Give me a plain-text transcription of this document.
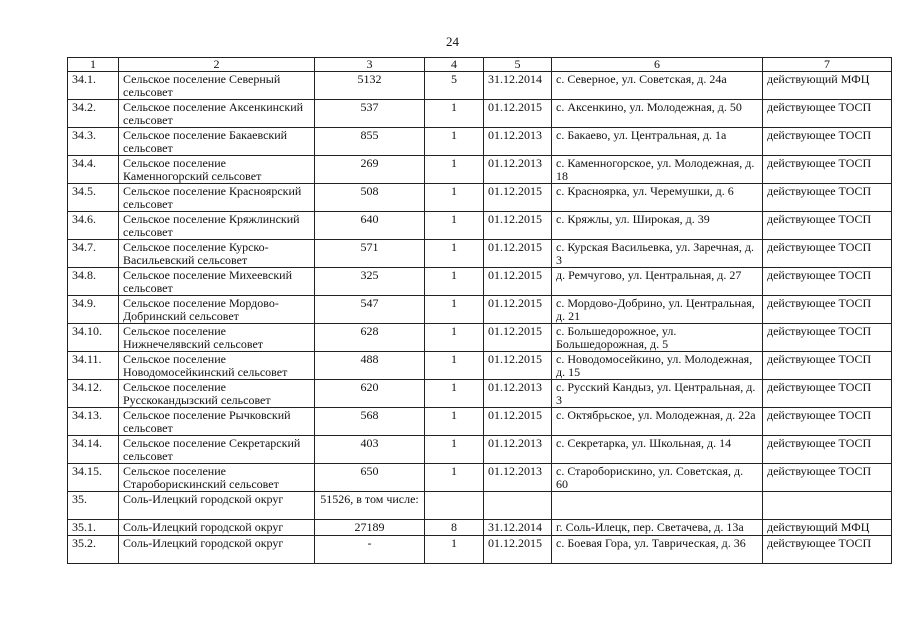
24
1	2	3	4	5	6	7
34.1.	Сельское поселение Северный сельсовет	5132	5	31.12.2014	с. Северное, ул. Советская, д. 24а	действующий МФЦ
34.2.	Сельское поселение Аксенкинский сельсовет	537	1	01.12.2015	с. Аксенкино, ул. Молодежная, д. 50	действующее ТОСП
34.3.	Сельское поселение Бакаевский сельсовет	855	1	01.12.2013	с. Бакаево, ул. Центральная, д. 1а	действующее ТОСП
34.4.	Сельское поселение Каменногорский сельсовет	269	1	01.12.2013	с. Каменногорское, ул. Молодежная, д. 18	действующее ТОСП
34.5.	Сельское поселение Красноярский сельсовет	508	1	01.12.2015	с. Красноярка, ул. Черемушки, д. 6	действующее ТОСП
34.6.	Сельское поселение Кряжлинский сельсовет	640	1	01.12.2015	с. Кряжлы, ул. Широкая, д. 39	действующее ТОСП
34.7.	Сельское поселение Курско-Васильевский сельсовет	571	1	01.12.2015	с. Курская Васильевка, ул. Заречная, д. 3	действующее ТОСП
34.8.	Сельское поселение Михеевский сельсовет	325	1	01.12.2015	д. Ремчугово, ул. Центральная, д. 27	действующее ТОСП
34.9.	Сельское поселение Мордово-Добринский сельсовет	547	1	01.12.2015	с. Мордово-Добрино, ул. Центральная, д. 21	действующее ТОСП
34.10.	Сельское поселение Нижнечелявский сельсовет	628	1	01.12.2015	с. Большедорожное, ул. Большедорожная, д. 5	действующее ТОСП
34.11.	Сельское поселение Новодомосейкинский сельсовет	488	1	01.12.2015	с. Новодомосейкино, ул. Молодежная, д. 15	действующее ТОСП
34.12.	Сельское поселение Русскокандызский сельсовет	620	1	01.12.2013	с. Русский Кандыз, ул. Центральная, д. 3	действующее ТОСП
34.13.	Сельское поселение Рычковский сельсовет	568	1	01.12.2015	с. Октябрьское, ул. Молодежная, д. 22а	действующее ТОСП
34.14.	Сельское поселение Секретарский сельсовет	403	1	01.12.2013	с. Секретарка, ул. Школьная, д. 14	действующее ТОСП
34.15.	Сельское поселение Староборискинский сельсовет	650	1	01.12.2013	с. Староборискино, ул. Советская, д. 60	действующее ТОСП
35.	Соль-Илецкий городской округ	51526, в том числе:				
35.1.	Соль-Илецкий городской округ	27189	8	31.12.2014	г. Соль-Илецк, пер. Светачева, д. 13а	действующий МФЦ
35.2.	Соль-Илецкий городской округ	-	1	01.12.2015	с. Боевая Гора, ул. Таврическая, д. 36	действующее ТОСП
